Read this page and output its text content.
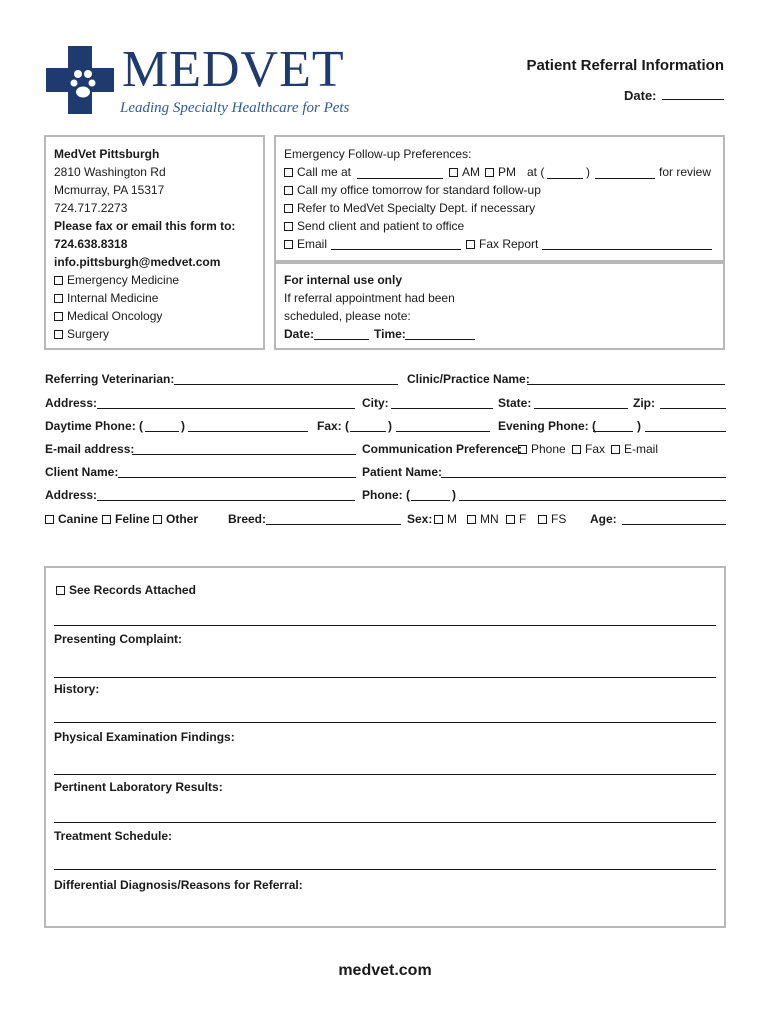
MEDVET
Leading Specialty Healthcare for Pets
Patient Referral Information
Date:
MedVet Pittsburgh
2810 Washington Rd
Mcmurray, PA 15317
724.717.2273
Please fax or email this form to:
724.638.8318
info.pittsburgh@medvet.com
Emergency Medicine
Internal Medicine
Medical Oncology
Surgery
Emergency Follow-up Preferences:
Call me at	AM	PM at (	)	for review
Call my office tomorrow for standard follow-up
Refer to MedVet Specialty Dept. if necessary
Send client and patient to office
Email	Fax Report
For internal use only
If referral appointment had been
scheduled, please note:
Date:	Time:
Referring Veterinarian:	Clinic/Practice Name:
Address:	City:	State:	Zip:
Daytime Phone: (	)	Fax: (	)	Evening Phone: (	)
E-mail address:	Communication Preference: Phone	Fax	E-mail
Client Name:	Patient Name:
Address:	Phone: (	)
Canine	Feline	Other Breed:	Sex:	M	MN	F	FS Age:
See Records Attached
Presenting Complaint:
History:
Physical Examination Findings:
Pertinent Laboratory Results:
Treatment Schedule:
Differential Diagnosis/Reasons for Referral:
medvet.com
